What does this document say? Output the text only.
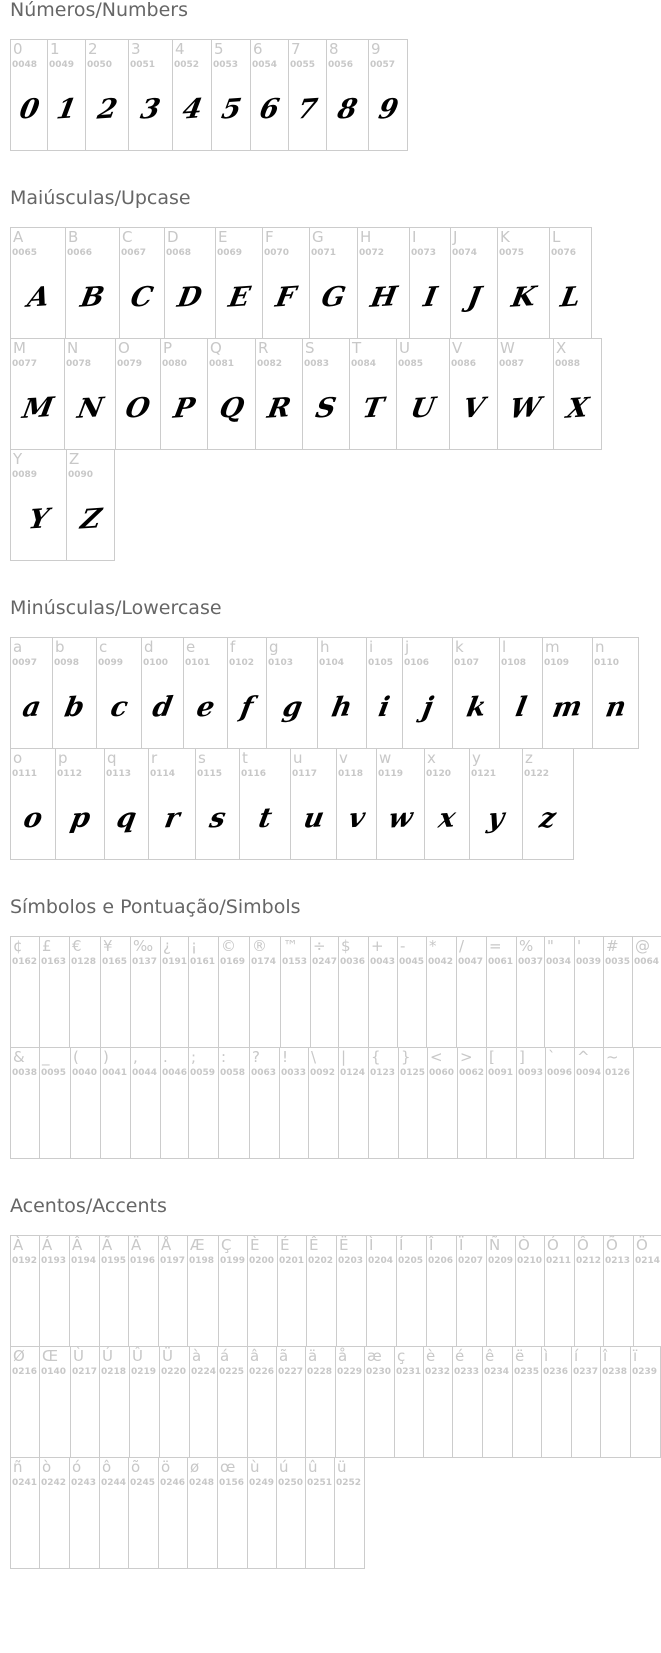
Números/Numbers
Maiúsculas/Upcase
Minúsculas/Lowercase
Símbolos e Pontuação/Simbols
Acentos/Accents
0
0048
0
1
0049
1
2
0050
2
3
0051
3
4
0052
4
5
0053
5
6
0054
6
7
0055
7
8
0056
8
9
0057
9
A
0065
A
B
0066
B
C
0067
C
D
0068
D
E
0069
E
F
0070
F
G
0071
G
H
0072
H
I
0073
I
J
0074
J
K
0075
K
L
0076
L
M
0077
M
N
0078
N
O
0079
O
P
0080
P
Q
0081
Q
R
0082
R
S
0083
S
T
0084
T
U
0085
U
V
0086
V
W
0087
W
X
0088
X
Y
0089
Y
Z
0090
Z
a
0097
a
b
0098
b
c
0099
c
d
0100
d
e
0101
e
f
0102
f
g
0103
g
h
0104
h
i
0105
i
j
0106
j
k
0107
k
l
0108
l
m
0109
m
n
0110
n
o
0111
o
p
0112
p
q
0113
q
r
0114
r
s
0115
s
t
0116
t
u
0117
u
v
0118
v
w
0119
w
x
0120
x
y
0121
y
z
0122
z
¢
0162
£
0163
€
0128
¥
0165
‰
0137
¿
0191
¡
0161
©
0169
®
0174
™
0153
÷
0247
$
0036
+
0043
-
0045
*
0042
/
0047
=
0061
%
0037
"
0034
'
0039
#
0035
@
0064
&
0038
_
0095
(
0040
)
0041
,
0044
.
0046
;
0059
:
0058
?
0063
!
0033
\
0092
|
0124
{
0123
}
0125
<
0060
>
0062
[
0091
]
0093
`
0096
^
0094
~
0126
À
0192
Á
0193
Â
0194
Ã
0195
Ä
0196
Å
0197
Æ
0198
Ç
0199
È
0200
É
0201
Ê
0202
Ë
0203
Ì
0204
Í
0205
Î
0206
Ï
0207
Ñ
0209
Ò
0210
Ó
0211
Ô
0212
Õ
0213
Ö
0214
Ø
0216
Œ
0140
Ù
0217
Ú
0218
Û
0219
Ü
0220
à
0224
á
0225
â
0226
ã
0227
ä
0228
å
0229
æ
0230
ç
0231
è
0232
é
0233
ê
0234
ë
0235
ì
0236
í
0237
î
0238
ï
0239
ñ
0241
ò
0242
ó
0243
ô
0244
õ
0245
ö
0246
ø
0248
œ
0156
ù
0249
ú
0250
û
0251
ü
0252
